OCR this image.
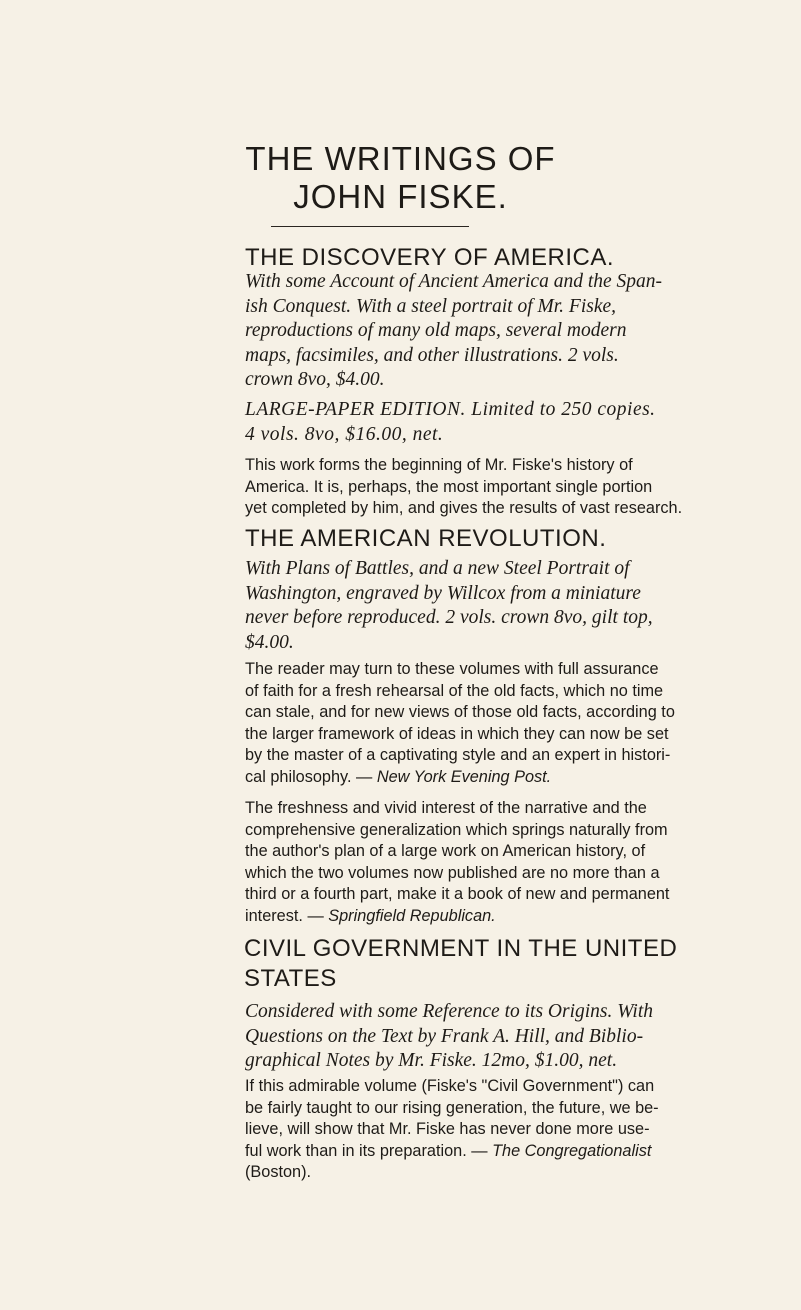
THE WRITINGS OF
JOHN FISKE.
THE DISCOVERY OF AMERICA.
With some Account of Ancient America and the Span-
ish Conquest. With a steel portrait of Mr. Fiske,
reproductions of many old maps, several modern
maps, facsimiles, and other illustrations. 2 vols.
crown 8vo, $4.00.
LARGE-PAPER EDITION. Limited to 250 copies.
4 vols. 8vo, $16.00, net.
This work forms the beginning of Mr. Fiske's history of
America. It is, perhaps, the most important single portion
yet completed by him, and gives the results of vast research.
THE AMERICAN REVOLUTION.
With Plans of Battles, and a new Steel Portrait of
Washington, engraved by Willcox from a miniature
never before reproduced. 2 vols. crown 8vo, gilt top,
$4.00.
The reader may turn to these volumes with full assurance
of faith for a fresh rehearsal of the old facts, which no time
can stale, and for new views of those old facts, according to
the larger framework of ideas in which they can now be set
by the master of a captivating style and an expert in histori-
cal philosophy. — New York Evening Post.
The freshness and vivid interest of the narrative and the
comprehensive generalization which springs naturally from
the author's plan of a large work on American history, of
which the two volumes now published are no more than a
third or a fourth part, make it a book of new and permanent
interest. — Springfield Republican.
CIVIL GOVERNMENT IN THE UNITED
STATES
Considered with some Reference to its Origins. With
Questions on the Text by Frank A. Hill, and Biblio-
graphical Notes by Mr. Fiske. 12mo, $1.00, net.
If this admirable volume (Fiske's "Civil Government") can
be fairly taught to our rising generation, the future, we be-
lieve, will show that Mr. Fiske has never done more use-
ful work than in its preparation. — The Congregationalist
(Boston).
